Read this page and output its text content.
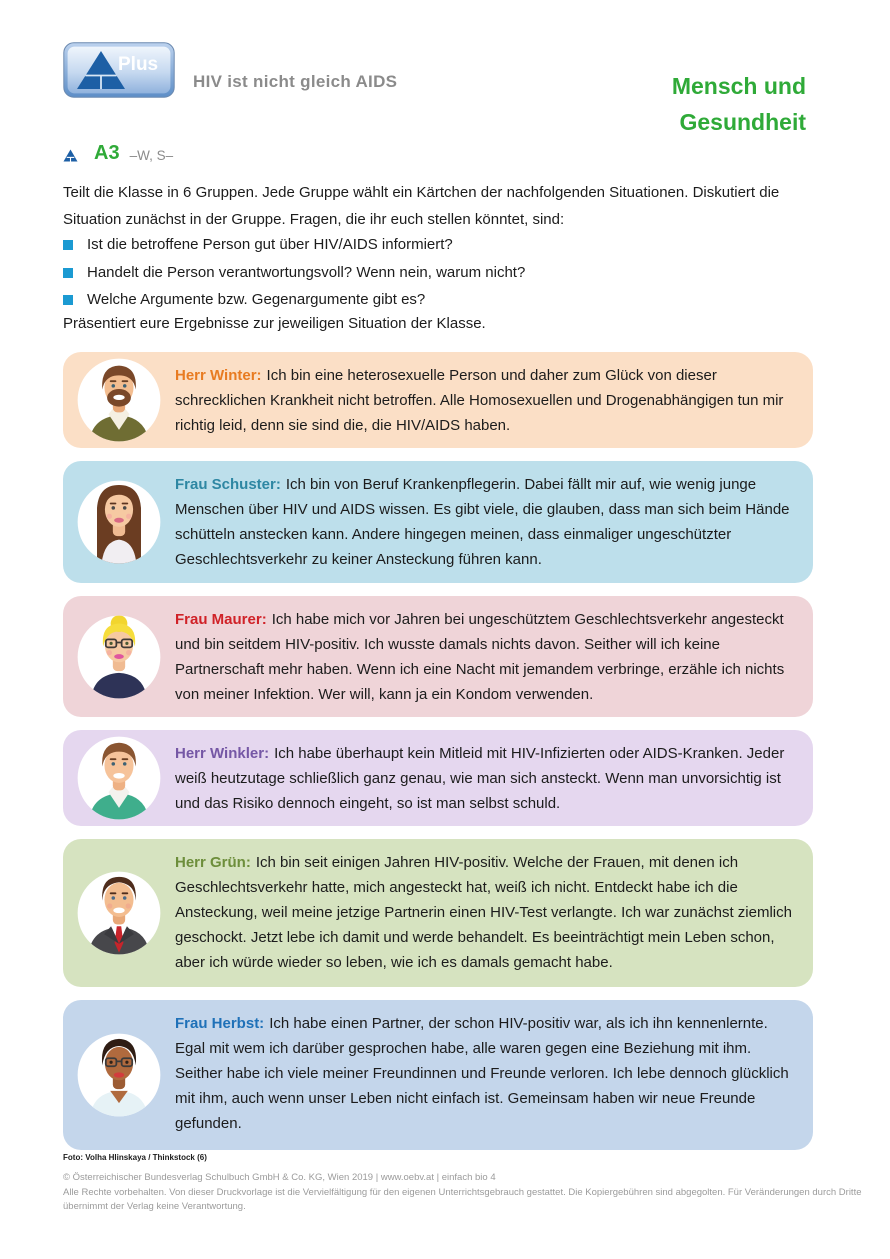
Plus
HIV ist nicht gleich AIDS	Mensch und
Gesundheit
A3 –W, S–
Teilt die Klasse in 6 Gruppen. Jede Gruppe wählt ein Kärtchen der nachfolgenden Situationen. Diskutiert die Situation zunächst in der Gruppe. Fragen, die ihr euch stellen könntet, sind:
Ist die betroffene Person gut über HIV/AIDS informiert?
Handelt die Person verantwortungsvoll? Wenn nein, warum nicht?
Welche Argumente bzw. Gegenargumente gibt es?
Präsentiert eure Ergebnisse zur jeweiligen Situation der Klasse.
Herr Winter: Ich bin eine heterosexuelle Person und daher zum Glück von dieser schrecklichen Krankheit nicht betroffen. Alle Homosexuellen und Drogenabhängigen tun mir richtig leid, denn sie sind die, die HIV/AIDS haben.
Frau Schuster: Ich bin von Beruf Krankenpflegerin. Dabei fällt mir auf, wie wenig junge Menschen über HIV und AIDS wissen. Es gibt viele, die glauben, dass man sich beim Hände schütteln anstecken kann. Andere hingegen meinen, dass einmaliger ungeschützter Geschlechtsverkehr zu keiner Ansteckung führen kann.
Frau Maurer: Ich habe mich vor Jahren bei ungeschütztem Geschlechtsverkehr angesteckt und bin seitdem HIV-positiv. Ich wusste damals nichts davon. Seither will ich keine Partnerschaft mehr haben. Wenn ich eine Nacht mit jemandem verbringe, erzähle ich nichts von meiner Infektion. Wer will, kann ja ein Kondom verwenden.
Herr Winkler: Ich habe überhaupt kein Mitleid mit HIV-Infizierten oder AIDS-Kranken. Jeder weiß heutzutage schließlich ganz genau, wie man sich ansteckt. Wenn man unvorsichtig ist und das Risiko dennoch eingeht, so ist man selbst schuld.
Herr Grün: Ich bin seit einigen Jahren HIV-positiv. Welche der Frauen, mit denen ich Geschlechtsverkehr hatte, mich angesteckt hat, weiß ich nicht. Entdeckt habe ich die Ansteckung, weil meine jetzige Partnerin einen HIV-Test verlangte. Ich war zunächst ziemlich geschockt. Jetzt lebe ich damit und werde behandelt. Es beeinträchtigt mein Leben schon, aber ich würde wieder so leben, wie ich es damals gemacht habe.
Frau Herbst: Ich habe einen Partner, der schon HIV-positiv war, als ich ihn kennenlernte. Egal mit wem ich darüber gesprochen habe, alle waren gegen eine Beziehung mit ihm. Seither habe ich viele meiner Freundinnen und Freunde verloren. Ich lebe dennoch glücklich mit ihm, auch wenn unser Leben nicht einfach ist. Gemeinsam haben wir neue Freunde gefunden.
Foto: Volha Hlinskaya / Thinkstock (6)
© Österreichischer Bundesverlag Schulbuch GmbH & Co. KG, Wien 2019 | www.oebv.at | einfach bio 4
Alle Rechte vorbehalten. Von dieser Druckvorlage ist die Vervielfältigung für den eigenen Unterrichtsgebrauch gestattet. Die Kopiergebühren sind abgegolten. Für Veränderungen durch Dritte übernimmt der Verlag keine Verantwortung.
